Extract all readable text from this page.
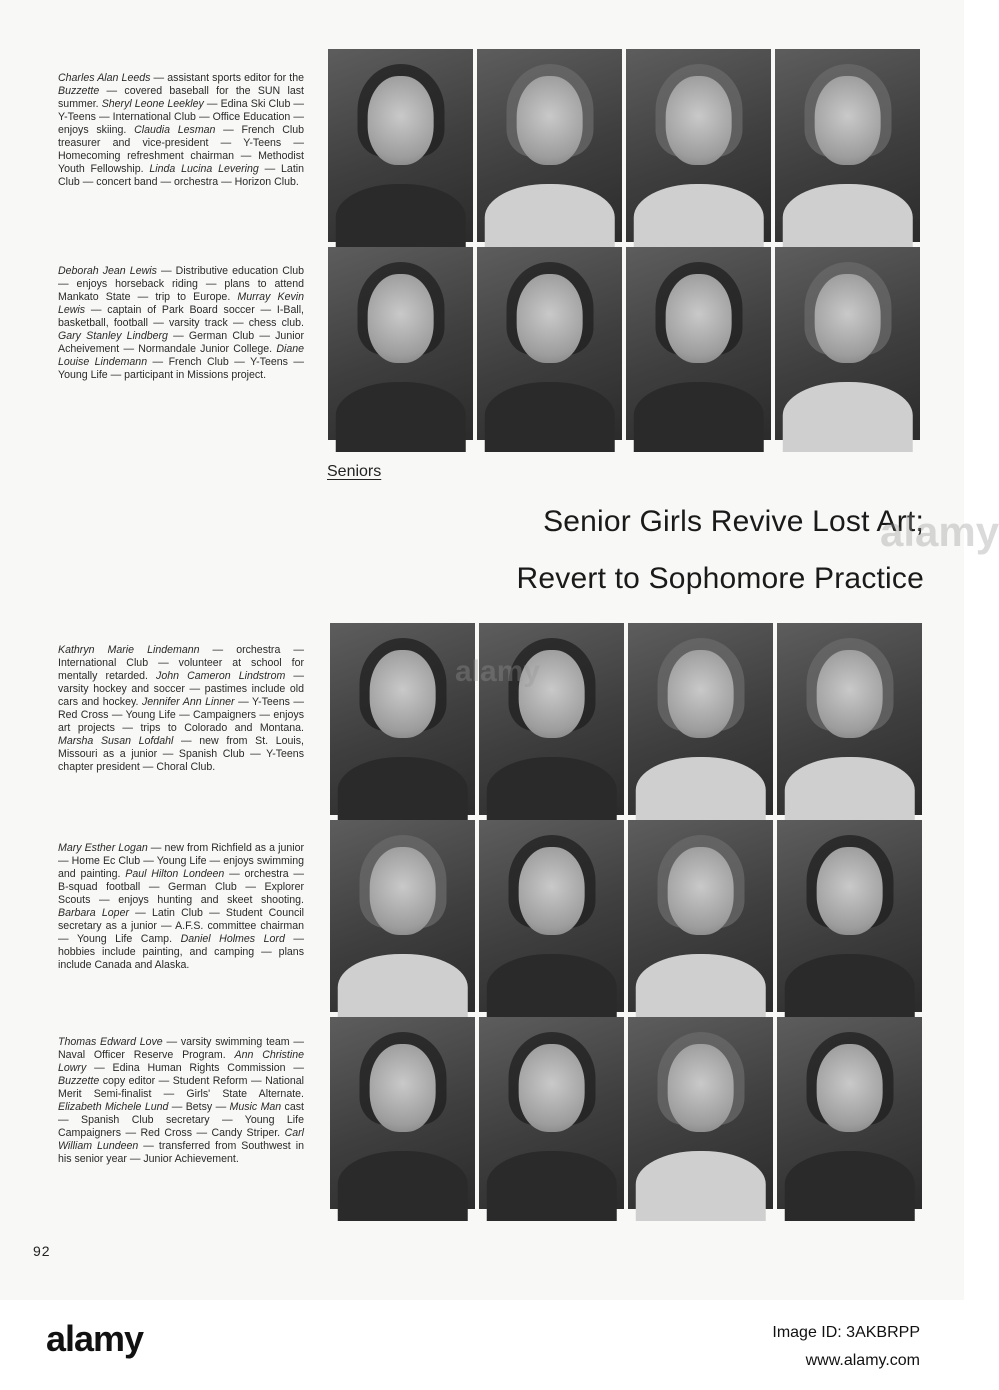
Charles Alan Leeds — assistant sports editor for the Buzzette — covered baseball for the SUN last summer. Sheryl Leone Leekley — Edina Ski Club — Y-Teens — International Club — Office Education — enjoys skiing. Claudia Lesman — French Club treasurer and vice-president — Y-Teens — Homecoming refreshment chairman — Methodist Youth Fellowship. Linda Lucina Levering — Latin Club — concert band — orchestra — Horizon Club.
Deborah Jean Lewis — Distributive education Club — enjoys horseback riding — plans to attend Mankato State — trip to Europe. Murray Kevin Lewis — captain of Park Board soccer — I-Ball, basketball, football — varsity track — chess club. Gary Stanley Lindberg — German Club — Junior Acheivement — Normandale Junior College. Diane Louise Lindemann — French Club — Y-Teens — Young Life — participant in Missions project.
Kathryn Marie Lindemann — orchestra — International Club — volunteer at school for mentally retarded. John Cameron Lindstrom — varsity hockey and soccer — pastimes include old cars and hockey. Jennifer Ann Linner — Y-Teens — Red Cross — Young Life — Campaigners — enjoys art projects — trips to Colorado and Montana. Marsha Susan Lofdahl — new from St. Louis, Missouri as a junior — Spanish Club — Y-Teens chapter president — Choral Club.
Mary Esther Logan — new from Richfield as a junior — Home Ec Club — Young Life — enjoys swimming and painting. Paul Hilton Londeen — orchestra — B-squad football — German Club — Explorer Scouts — enjoys hunting and skeet shooting. Barbara Loper — Latin Club — Student Council secretary as a junior — A.F.S. committee chairman — Young Life Camp. Daniel Holmes Lord — hobbies include painting, and camping — plans include Canada and Alaska.
Thomas Edward Love — varsity swimming team — Naval Officer Reserve Program. Ann Christine Lowry — Edina Human Rights Commission — Buzzette copy editor — Student Reform — National Merit Semi-finalist — Girls' State Alternate. Elizabeth Michele Lund — Betsy — Music Man cast — Spanish Club secretary — Young Life Campaigners — Red Cross — Candy Striper. Carl William Lundeen — transferred from Southwest in his senior year — Junior Achievement.
Seniors
Senior Girls Revive Lost Art;
Revert to Sophomore Practice
alamy
alamy
92
alamy	Image ID: 3AKBRPP
www.alamy.com
